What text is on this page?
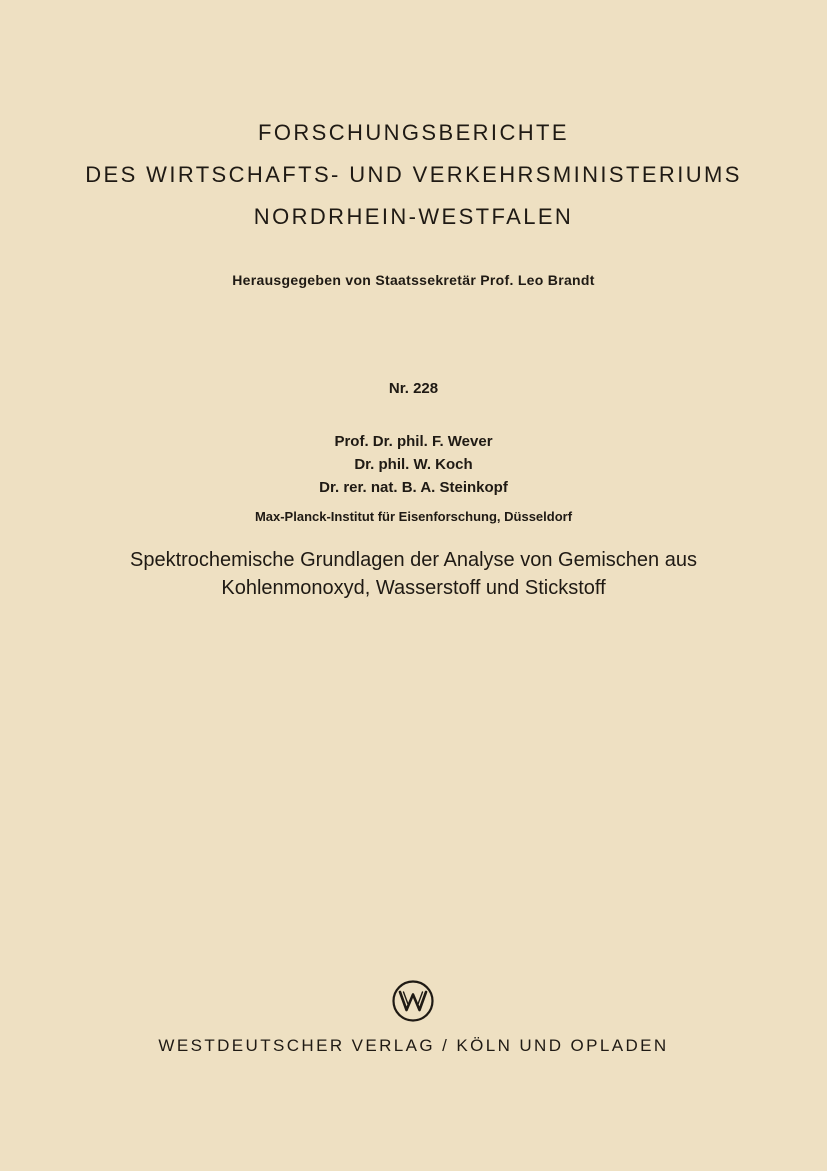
FORSCHUNGSBERICHTE
DES WIRTSCHAFTS- UND VERKEHRSMINISTERIUMS
NORDRHEIN-WESTFALEN
Herausgegeben von Staatssekretär Prof. Leo Brandt
Nr. 228
Prof. Dr. phil. F. Wever
Dr. phil. W. Koch
Dr. rer. nat. B. A. Steinkopf
Max-Planck-Institut für Eisenforschung, Düsseldorf
Spektrochemische Grundlagen der Analyse von Gemischen aus
Kohlenmonoxyd, Wasserstoff und Stickstoff
WESTDEUTSCHER VERLAG / KÖLN UND OPLADEN
